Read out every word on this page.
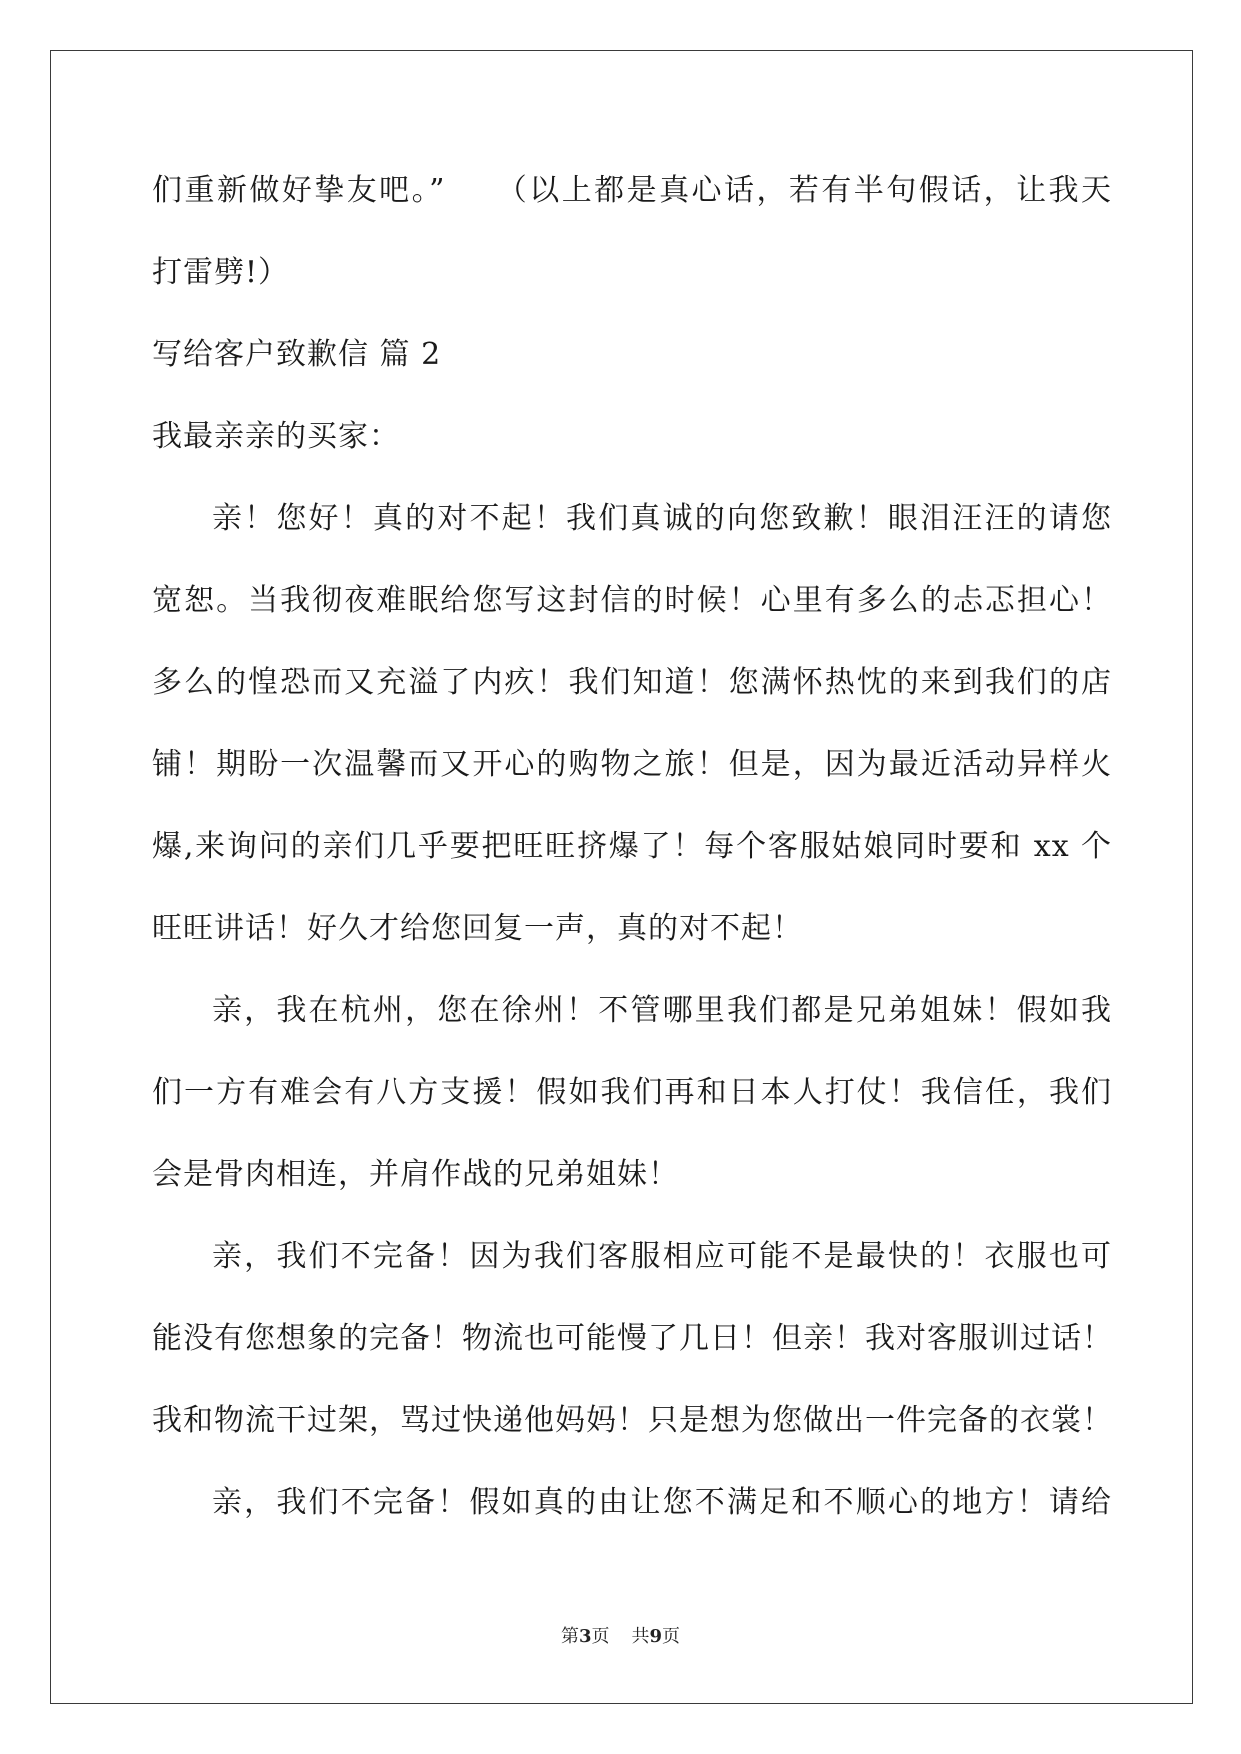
们重新做好挚友吧。”　　（以上都是真心话，若有半句假话，让我天
打雷劈!）
写给客户致歉信 篇 2
我最亲亲的买家：
亲！您好！真的对不起！我们真诚的向您致歉！眼泪汪汪的请您
宽恕。当我彻夜难眠给您写这封信的时候！心里有多么的忐忑担心！
多么的惶恐而又充溢了内疚！我们知道！您满怀热忱的来到我们的店
铺！期盼一次温馨而又开心的购物之旅！但是，因为最近活动异样火
爆,来询问的亲们几乎要把旺旺挤爆了！每个客服姑娘同时要和 xx 个
旺旺讲话！好久才给您回复一声，真的对不起！
亲，我在杭州，您在徐州！不管哪里我们都是兄弟姐妹！假如我
们一方有难会有八方支援！假如我们再和日本人打仗！我信任，我们
会是骨肉相连，并肩作战的兄弟姐妹！
亲，我们不完备！因为我们客服相应可能不是最快的！衣服也可
能没有您想象的完备！物流也可能慢了几日！但亲！我对客服训过话！
我和物流干过架，骂过快递他妈妈！只是想为您做出一件完备的衣裳！
亲，我们不完备！假如真的由让您不满足和不顺心的地方！请给
第3页 共9页
